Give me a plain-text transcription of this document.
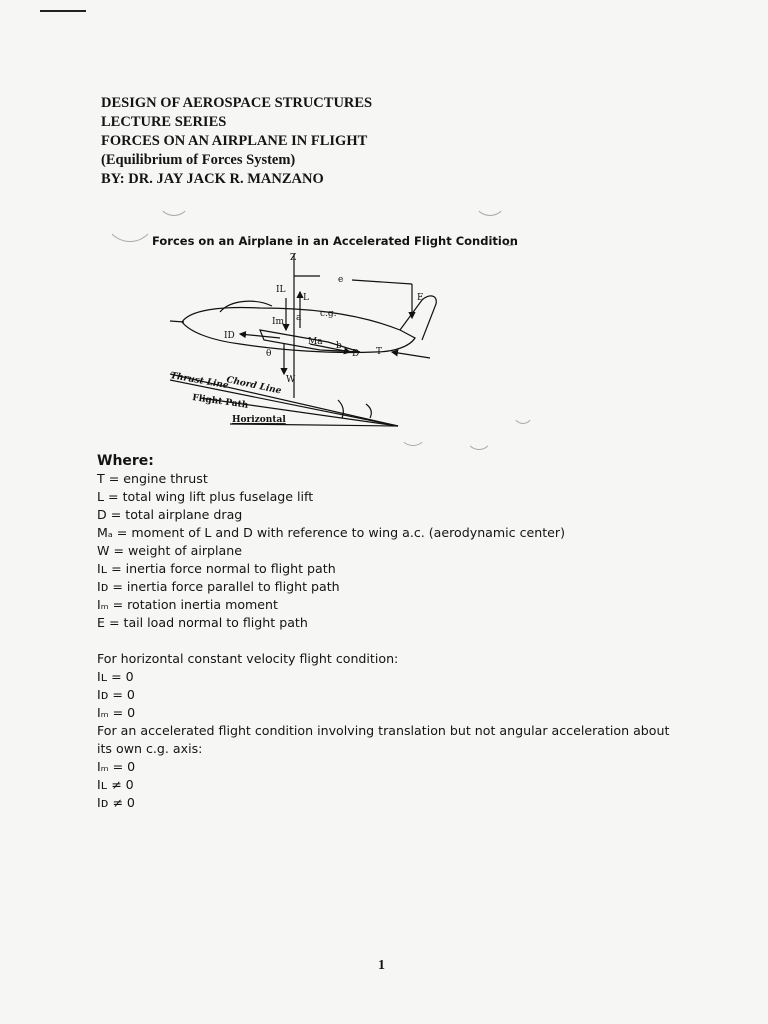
DESIGN OF AEROSPACE STRUCTURES
LECTURE SERIES
FORCES ON AN AIRPLANE IN FLIGHT
(Equilibrium of Forces System)
BY: DR. JAY JACK R. MANZANO
Forces on an Airplane in an Accelerated Flight Condition
Z
IL
L
e
E
c.g.
Im a
ID
Ma b
D T
W
θ
Chord Line
Thrust Line
Flight Path
Horizontal
Where:
T = engine thrust
L = total wing lift plus fuselage lift
D = total airplane drag
Mₐ = moment of L and D with reference to wing a.c. (aerodynamic center)
W = weight of airplane
Iʟ = inertia force normal to flight path
Iᴅ = inertia force parallel to flight path
Iₘ = rotation inertia moment
E = tail load normal to flight path
For horizontal constant velocity flight condition:
Iʟ = 0
Iᴅ = 0
Iₘ = 0
For an accelerated flight condition involving translation but not angular acceleration about
its own c.g. axis:
Iₘ = 0
Iʟ ≠ 0
Iᴅ ≠ 0
1
